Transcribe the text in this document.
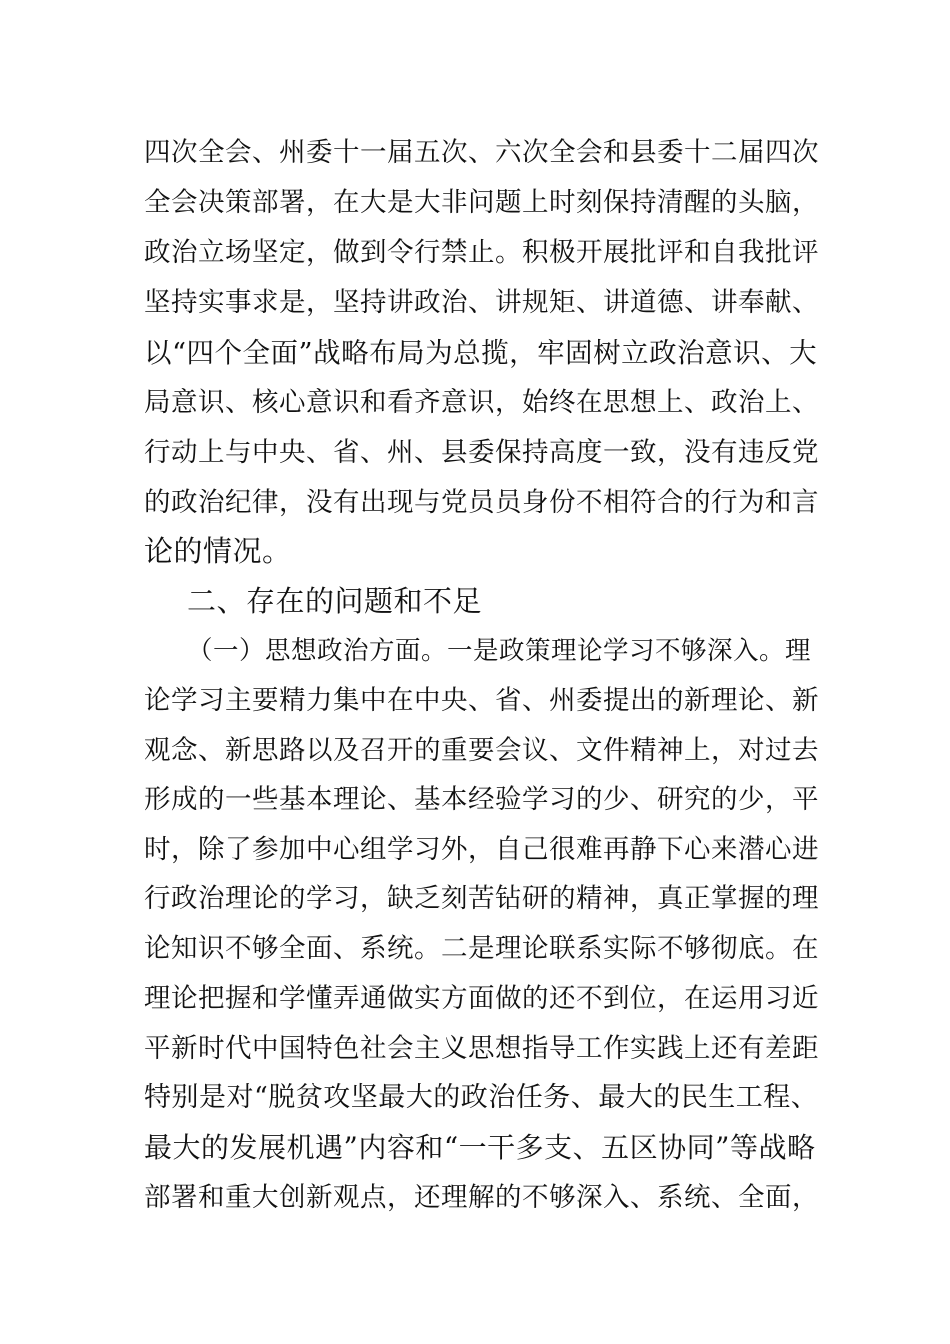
四次全会、州委十一届五次、六次全会和县委十二届四次
全会决策部署，在大是大非问题上时刻保持清醒的头脑，
政治立场坚定，做到令行禁止。积极开展批评和自我批评
坚持实事求是，坚持讲政治、讲规矩、讲道德、讲奉献、
以“四个全面”战略布局为总揽，牢固树立政治意识、大
局意识、核心意识和看齐意识，始终在思想上、政治上、
行动上与中央、省、州、县委保持高度一致，没有违反党
的政治纪律，没有出现与党员员身份不相符合的行为和言
论的情况。
二、存在的问题和不足
（一）思想政治方面。一是政策理论学习不够深入。理
论学习主要精力集中在中央、省、州委提出的新理论、新
观念、新思路以及召开的重要会议、文件精神上，对过去
形成的一些基本理论、基本经验学习的少、研究的少，平
时，除了参加中心组学习外，自己很难再静下心来潜心进
行政治理论的学习，缺乏刻苦钻研的精神，真正掌握的理
论知识不够全面、系统。二是理论联系实际不够彻底。在
理论把握和学懂弄通做实方面做的还不到位，在运用习近
平新时代中国特色社会主义思想指导工作实践上还有差距
特别是对“脱贫攻坚最大的政治任务、最大的民生工程、
最大的发展机遇”内容和“一干多支、五区协同”等战略
部署和重大创新观点，还理解的不够深入、系统、全面，
